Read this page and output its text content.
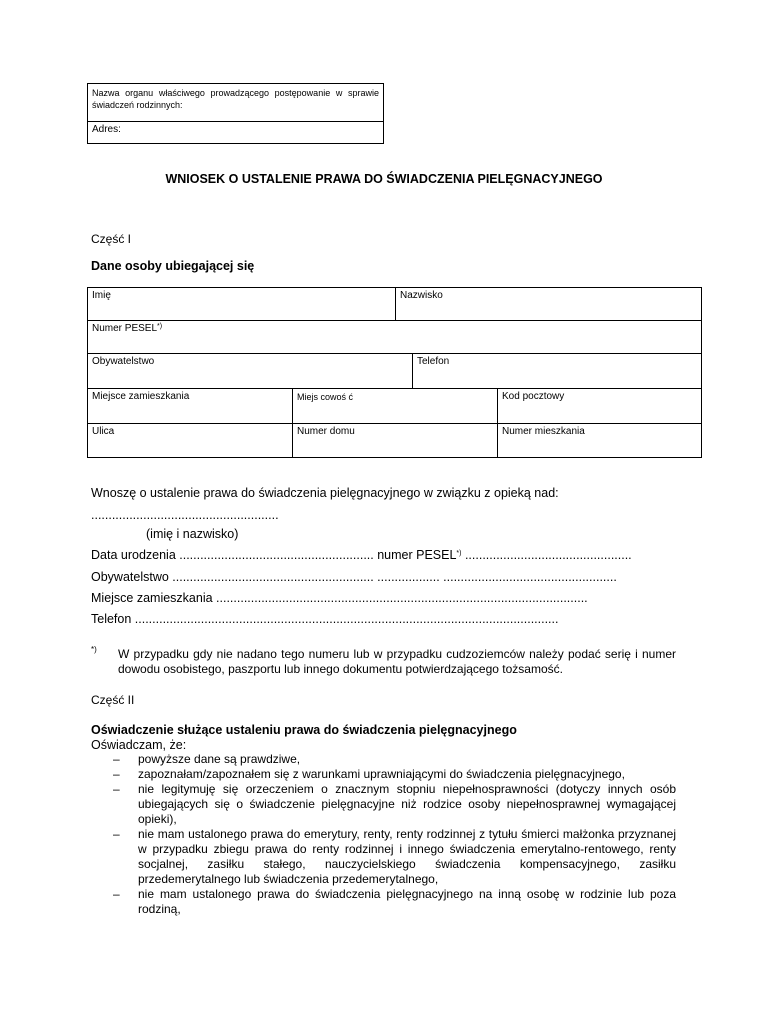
Nazwa organu właściwego prowadzącego postępowanie w sprawie świadczeń rodzinnych:
Adres:
WNIOSEK O USTALENIE PRAWA DO ŚWIADCZENIA PIELĘGNACYJNEGO
Część I
Dane osoby ubiegającej się
Imię	Nazwisko
Numer PESEL*)
Obywatelstwo	Telefon
Miejsce zamieszkania	Miejs cowoś ć	Kod pocztowy
Ulica	Numer domu	Numer mieszkania
Wnoszę o ustalenie prawa do świadczenia pielęgnacyjnego w związku z opieką nad:
......................................................
(imię i nazwisko)
Data urodzenia ........................................................ numer PESEL*) ................................................
Obywatelstwo .......................................................... .................. ..................................................
Miejsce zamieszkania ...........................................................................................................
Telefon ..........................................................................................................................
*) W przypadku gdy nie nadano tego numeru lub w przypadku cudzoziemców należy podać serię i numer dowodu osobistego, paszportu lub innego dokumentu potwierdzającego tożsamość.
Część II
Oświadczenie służące ustaleniu prawa do świadczenia pielęgnacyjnego
Oświadczam, że:
– powyższe dane są prawdziwe,
– zapoznałam/zapoznałem się z warunkami uprawniającymi do świadczenia pielęgnacyjnego,
– nie legitymuję się orzeczeniem o znacznym stopniu niepełnosprawności (dotyczy innych osób ubiegających się o świadczenie pielęgnacyjne niż rodzice osoby niepełnosprawnej wymagającej opieki),
– nie mam ustalonego prawa do emerytury, renty, renty rodzinnej z tytułu śmierci małżonka przyznanej w przypadku zbiegu prawa do renty rodzinnej i innego świadczenia emerytalno-rentowego, renty socjalnej, zasiłku stałego, nauczycielskiego świadczenia kompensacyjnego, zasiłku przedemerytalnego lub świadczenia przedemerytalnego,
– nie mam ustalonego prawa do świadczenia pielęgnacyjnego na inną osobę w rodzinie lub poza rodziną,
